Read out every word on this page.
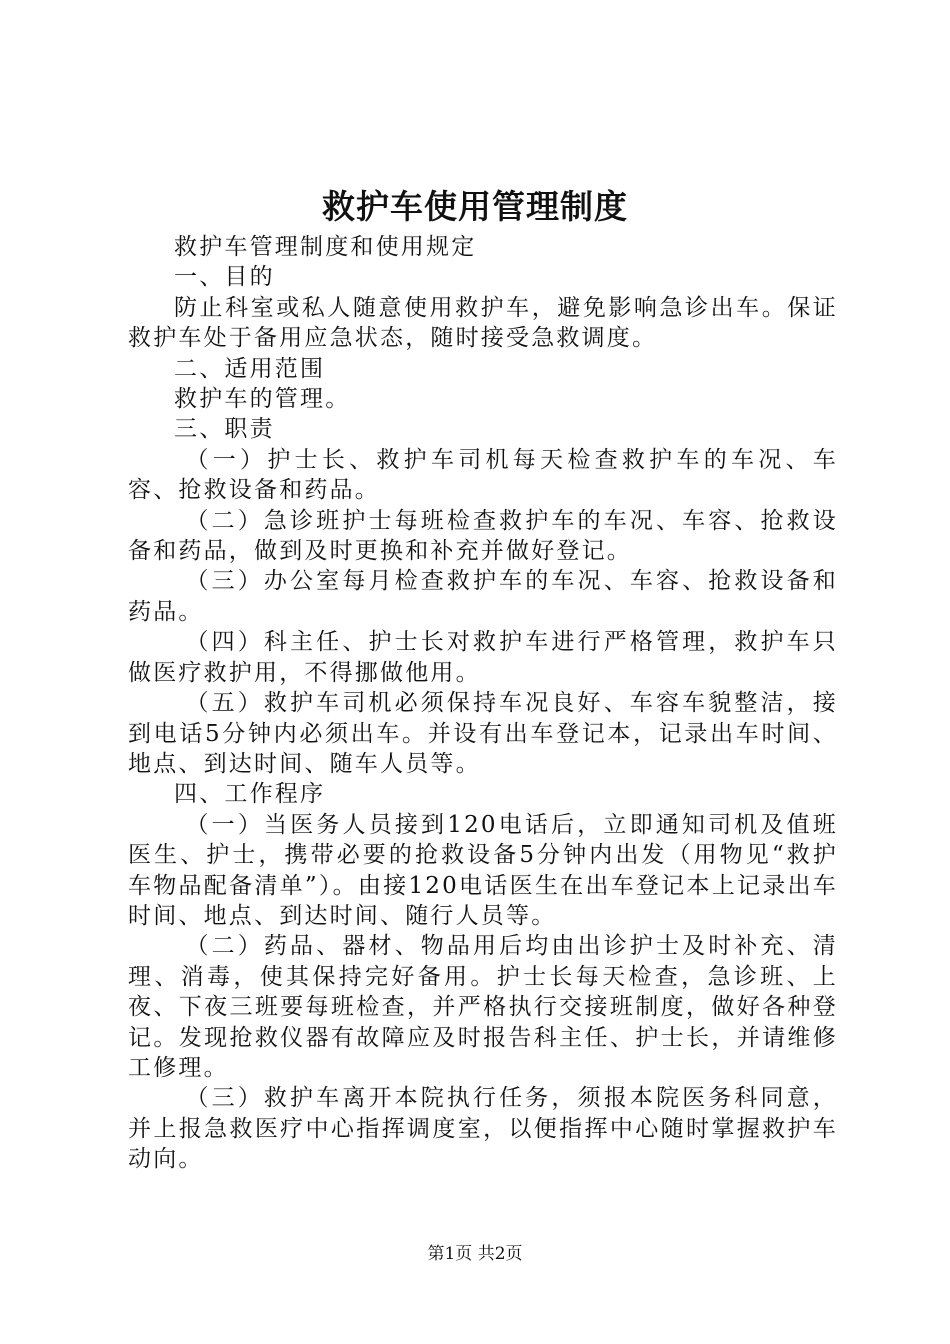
救护车使用管理制度

救护车管理制度和使用规定

一、目的

防止科室或私人随意使用救护车，避免影响急诊出车。保证救护车处于备用应急状态，随时接受急救调度。

二、适用范围

救护车的管理。

三、职责

（一）护士长、救护车司机每天检查救护车的车况、车容、抢救设备和药品。

（二）急诊班护士每班检查救护车的车况、车容、抢救设备和药品，做到及时更换和补充并做好登记。

（三）办公室每月检查救护车的车况、车容、抢救设备和药品。

（四）科主任、护士长对救护车进行严格管理，救护车只做医疗救护用，不得挪做他用。

（五）救护车司机必须保持车况良好、车容车貌整洁，接到电话5分钟内必须出车。并设有出车登记本，记录出车时间、地点、到达时间、随车人员等。

四、工作程序

（一）当医务人员接到120电话后，立即通知司机及值班医生、护士，携带必要的抢救设备5分钟内出发（用物见“救护车物品配备清单”）。由接120电话医生在出车登记本上记录出车时间、地点、到达时间、随行人员等。

（二）药品、器材、物品用后均由出诊护士及时补充、清理、消毒，使其保持完好备用。护士长每天检查，急诊班、上夜、下夜三班要每班检查，并严格执行交接班制度，做好各种登记。发现抢救仪器有故障应及时报告科主任、护士长，并请维修工修理。

（三）救护车离开本院执行任务，须报本院医务科同意，并上报急救医疗中心指挥调度室，以便指挥中心随时掌握救护车动向。

第1页 共2页
